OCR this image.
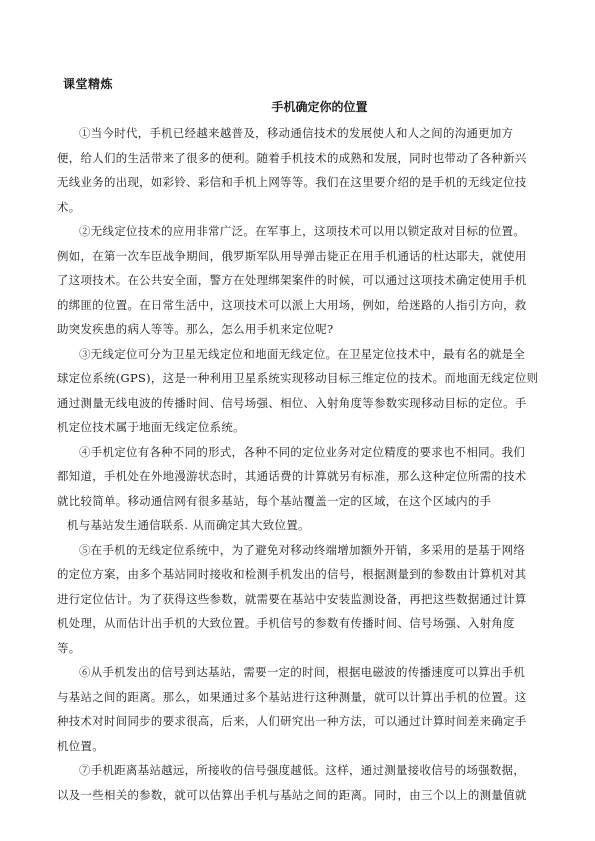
课堂精炼
手机确定你的位置
①当今时代，手机已经越来越普及，移动通信技术的发展使人和人之间的沟通更加方
便，给人们的生活带来了很多的便利。随着手机技术的成熟和发展，同时也带动了各种新兴
无线业务的出现，如彩铃、彩信和手机上网等等。我们在这里要介绍的是手机的无线定位技
术。
②无线定位技术的应用非常广泛。在军事上，这项技术可以用以锁定敌对目标的位置。
例如，在第一次车臣战争期间，俄罗斯军队用导弹击毙正在用手机通话的杜达耶夫，就使用
了这项技术。在公共安全面，警方在处理绑架案件的时候，可以通过这项技术确定使用手机
的绑匪的位置。在日常生活中，这项技术可以派上大用场，例如，给迷路的人指引方向，救
助突发疾患的病人等等。那么，怎么用手机来定位呢?
③无线定位可分为卫星无线定位和地面无线定位。在卫星定位技术中，最有名的就是全
球定位系统(GPS)，这是一种利用卫星系统实现移动目标三维定位的技术。而地面无线定位则
通过测量无线电波的传播时间、信号场强、相位、入射角度等参数实现移动目标的定位。手
机定位技术属于地面无线定位系统。
④手机定位有各种不同的形式，各种不同的定位业务对定位精度的要求也不相同。我们
都知道，手机处在外地漫游状态时，其通话费的计算就另有标准，那么这种定位所需的技术
就比较简单。移动通信网有很多基站，每个基站覆盖一定的区域，在这个区域内的手
机与基站发生通信联系. 从而确定其大致位置。
⑤在手机的无线定位系统中，为了避免对移动终端增加额外开销，多采用的是基于网络
的定位方案，由多个基站同时接收和检测手机发出的信号，根据测量到的参数由计算机对其
进行定位估计。为了获得这些参数，就需要在基站中安装监测设备，再把这些数据通过计算
机处理，从而估计出手机的大致位置。手机信号的参数有传播时间、信号场强、入射角度
等。
⑥从手机发出的信号到达基站，需要一定的时间，根据电磁波的传播速度可以算出手机
与基站之间的距离。那么，如果通过多个基站进行这种测量，就可以计算出手机的位置。这
种技术对时间同步的要求很高，后来，人们研究出一种方法，可以通过计算时间差来确定手
机位置。
⑦手机距离基站越远，所接收的信号强度越低。这样，通过测量接收信号的场强数据，
以及一些相关的参数，就可以估算出手机与基站之间的距离。同时，由三个以上的测量值就
